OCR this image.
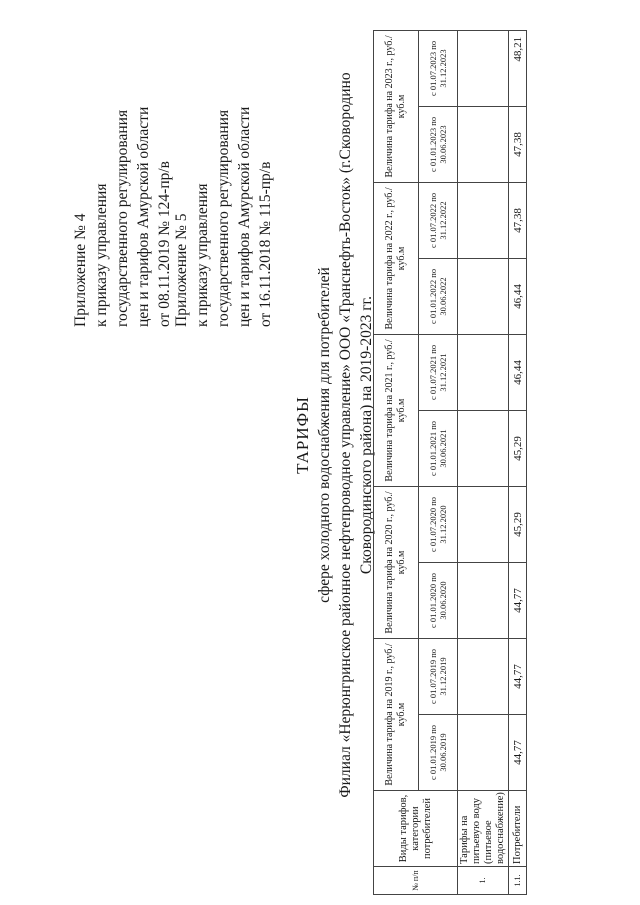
Приложение № 4 к приказу управления государственного регулирования цен и тарифов Амурской области от 08.11.2019 № 124-пр/в Приложение № 5 к приказу управления государственного регулирования цен и тарифов Амурской области от 16.11.2018 № 115-пр/в
ТАРИФЫ сфере холодного водоснабжения для потребителей Филиал «Нерюнгринское районное нефтепроводное управление» ООО «Транснефть-Восток» (г.Сковородино Сковородинского района) на 2019-2023 гг.
№ п/п	Виды тарифов, категории потребителей	Величина тарифа на 2019 г., руб./куб.м		Величина тарифа на 2020 г., руб./куб.м		Величина тарифа на 2021 г., руб./куб.м		Величина тарифа на 2022 г., руб./куб.м		Величина тарифа на 2023 г., руб./куб.м	
		с 01.01.2019 по 30.06.2019	с 01.07.2019 по 31.12.2019	с 01.01.2020 по 30.06.2020	с 01.07.2020 по 31.12.2020	с 01.01.2021 по 30.06.2021	с 01.07.2021 по 31.12.2021	с 01.01.2022 по 30.06.2022	с 01.07.2022 по 31.12.2022	с 01.01.2023 по 30.06.2023	с 01.07.2023 по 31.12.2023
1.	Тарифы на питьевую воду (питьевое водоснабжение)										
1.1.	Потребители	44,77	44,77	44,77	45,29	45,29	46,44	46,44	47,38	47,38	48,21
